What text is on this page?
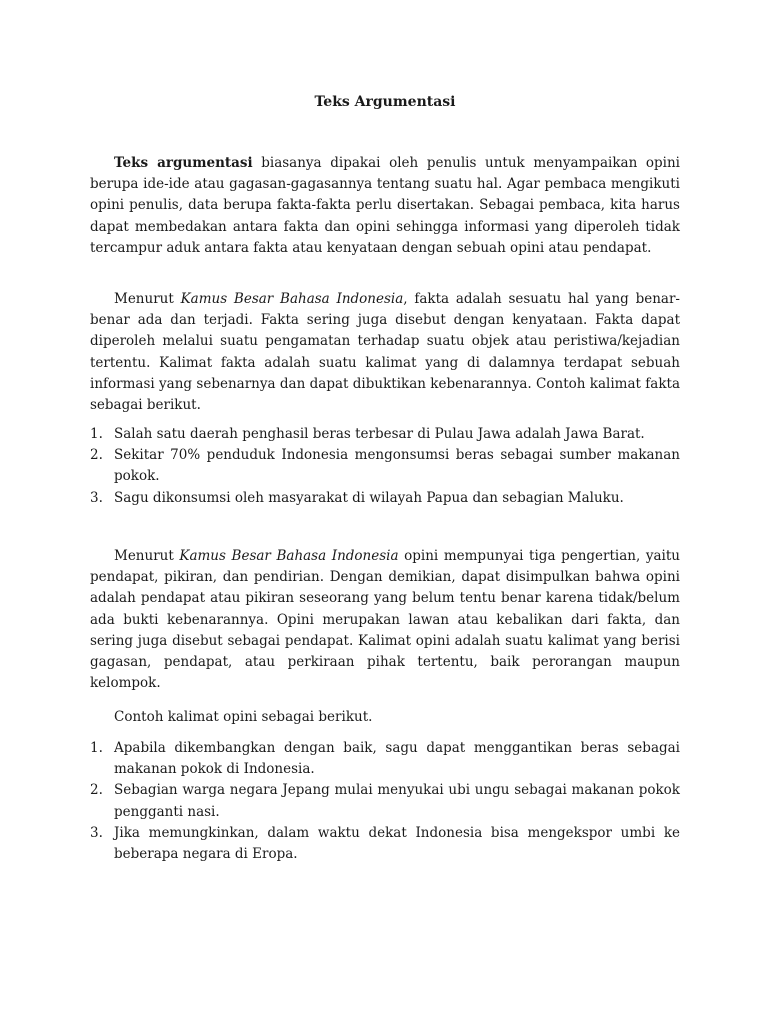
Teks Argumentasi

Teks argumentasi biasanya dipakai oleh penulis untuk menyampaikan opini berupa ide-ide atau gagasan-gagasannya tentang suatu hal. Agar pembaca mengikuti opini penulis, data berupa fakta-fakta perlu disertakan. Sebagai pembaca, kita harus dapat membedakan antara fakta dan opini sehingga informasi yang diperoleh tidak tercampur aduk antara fakta atau kenyataan dengan sebuah opini atau pendapat.

Menurut Kamus Besar Bahasa Indonesia, fakta adalah sesuatu hal yang benar-benar ada dan terjadi. Fakta sering juga disebut dengan kenyataan. Fakta dapat diperoleh melalui suatu pengamatan terhadap suatu objek atau peristiwa/kejadian tertentu. Kalimat fakta adalah suatu kalimat yang di dalamnya terdapat sebuah informasi yang sebenarnya dan dapat dibuktikan kebenarannya. Contoh kalimat fakta sebagai berikut.

1. Salah satu daerah penghasil beras terbesar di Pulau Jawa adalah Jawa Barat.
2. Sekitar 70% penduduk Indonesia mengonsumsi beras sebagai sumber makanan pokok.
3. Sagu dikonsumsi oleh masyarakat di wilayah Papua dan sebagian Maluku.

Menurut Kamus Besar Bahasa Indonesia opini mempunyai tiga pengertian, yaitu pendapat, pikiran, dan pendirian. Dengan demikian, dapat disimpulkan bahwa opini adalah pendapat atau pikiran seseorang yang belum tentu benar karena tidak/belum ada bukti kebenarannya. Opini merupakan lawan atau kebalikan dari fakta, dan sering juga disebut sebagai pendapat. Kalimat opini adalah suatu kalimat yang berisi gagasan, pendapat, atau perkiraan pihak tertentu, baik perorangan maupun kelompok.

Contoh kalimat opini sebagai berikut.

1. Apabila dikembangkan dengan baik, sagu dapat menggantikan beras sebagai makanan pokok di Indonesia.
2. Sebagian warga negara Jepang mulai menyukai ubi ungu sebagai makanan pokok pengganti nasi.
3. Jika memungkinkan, dalam waktu dekat Indonesia bisa mengekspor umbi ke beberapa negara di Eropa.
